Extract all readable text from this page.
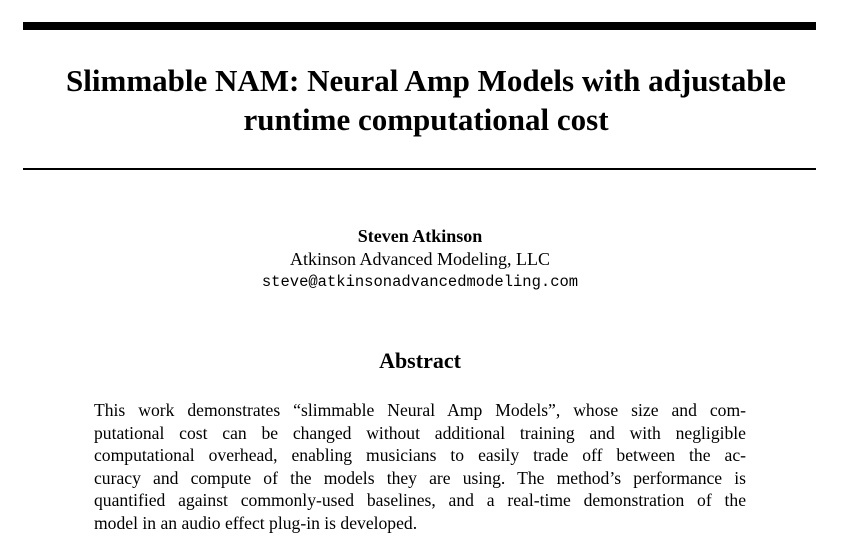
Slimmable NAM: Neural Amp Models with adjustable
runtime computational cost
Steven Atkinson
Atkinson Advanced Modeling, LLC
steve@atkinsonadvancedmodeling.com
Abstract

This work demonstrates “slimmable Neural Amp Models”, whose size and com-
putational cost can be changed without additional training and with negligible
computational overhead, enabling musicians to easily trade off between the ac-
curacy and compute of the models they are using. The method’s performance is
quantified against commonly-used baselines, and a real-time demonstration of the
model in an audio effect plug-in is developed.
